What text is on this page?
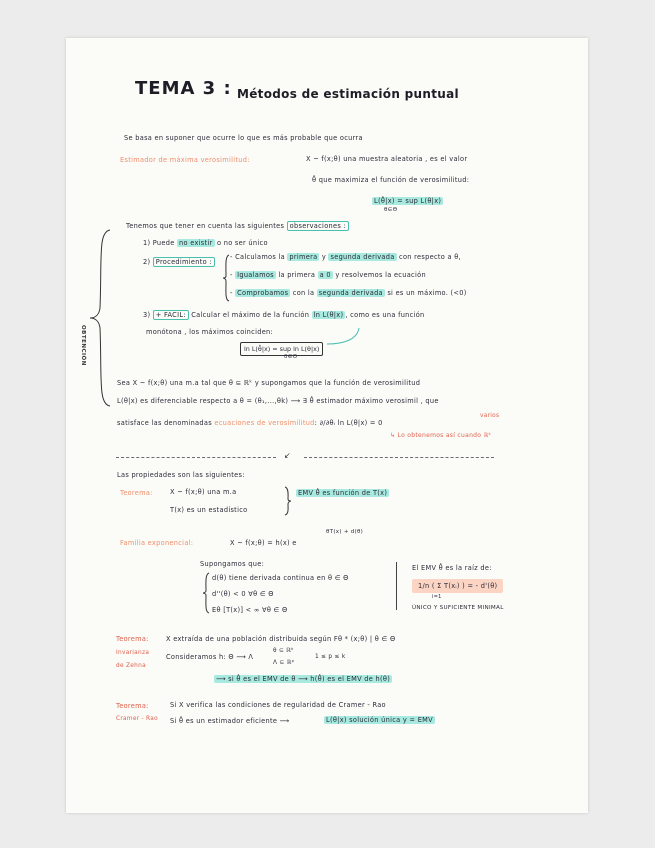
TEMA 3 : Métodos de estimación puntual
Se basa en suponer que ocurre lo que es más probable que ocurra
Estimador de máxima verosimilitud:	X ~ f(x;θ) una muestra aleatoria , es el valor
θ̂ que maximiza el función de verosimilitud:
L(θ̂|x) = sup L(θ|x)
θ∈Θ
Tenemos que tener en cuenta las siguientes observaciones :
OBTENCIÓN
1) Puede no existir o no ser único
2) Procedimiento :
- Calculamos la primera y segunda derivada con respecto a θ,
- Igualamos la primera a 0 y resolvemos la ecuación
- Comprobamos con la segunda derivada si es un máximo. (<0)
3) + FACIL: Calcular el máximo de la función ln L(θ|x) , como es una función
monótona , los máximos coinciden:
ln L(θ̂|x) = sup ln L(θ|x)
θ∈Θ
Sea X ~ f(x;θ) una m.a tal que θ ⊆ ℝᵏ y supongamos que la función de verosimilitud
L(θ|x) es diferenciable respecto a θ = (θ₁,...,θk) ⟶ ∃ θ̂ estimador máximo verosimil , que
satisface las denominadas ecuaciones de verosimilitud: ∂/∂θᵢ ln L(θ|x) = 0
varios
↳ Lo obtenemos así cuando ℝᵏ
↙
Las propiedades son las siguientes:
Teorema:	X ~ f(x;θ) una m.a
T(x) es un estadístico
EMV θ̂ es función de T(x)
Familia exponencial:	X ~ f(x;θ) = h(x) e
θT(x) + d(θ)
Supongamos que:
d(θ) tiene derivada continua en θ ∈ Θ
d''(θ) < 0 ∀θ ∈ Θ
Eθ [T(x)] < ∞ ∀θ ∈ Θ
El EMV θ̂ es la raíz de:
1/n ( Σ T(xᵢ) ) = - d'(θ)
i=1
ÚNICO Y SUFICIENTE MINIMAL
Teorema:
Invarianza
de Zehna
X extraída de una población distribuida según Fθ * (x;θ) | θ ∈ Θ
Consideramos h: Θ ⟶ Λ
θ ⊆ ℝᵏ
Λ ⊆ ℝᵖ
1 ≤ p ≤ k
⟶ si θ̂ es el EMV de θ ⟶ h(θ̂) es el EMV de h(θ)
Teorema:
Cramer - Rao
Si X verifica las condiciones de regularidad de Cramer - Rao
Si θ̂ es un estimador eficiente ⟶	L(θ|x) solución única y = EMV
